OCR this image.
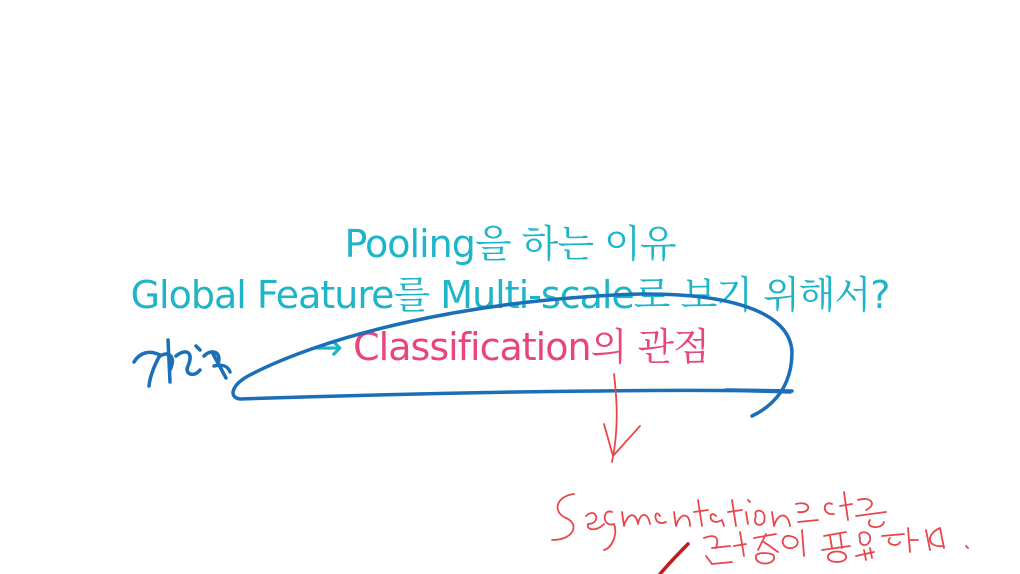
Pooling을 하는 이유
Global Feature를 Multi-scale로 보기 위해서?
→ Classification의 관점
